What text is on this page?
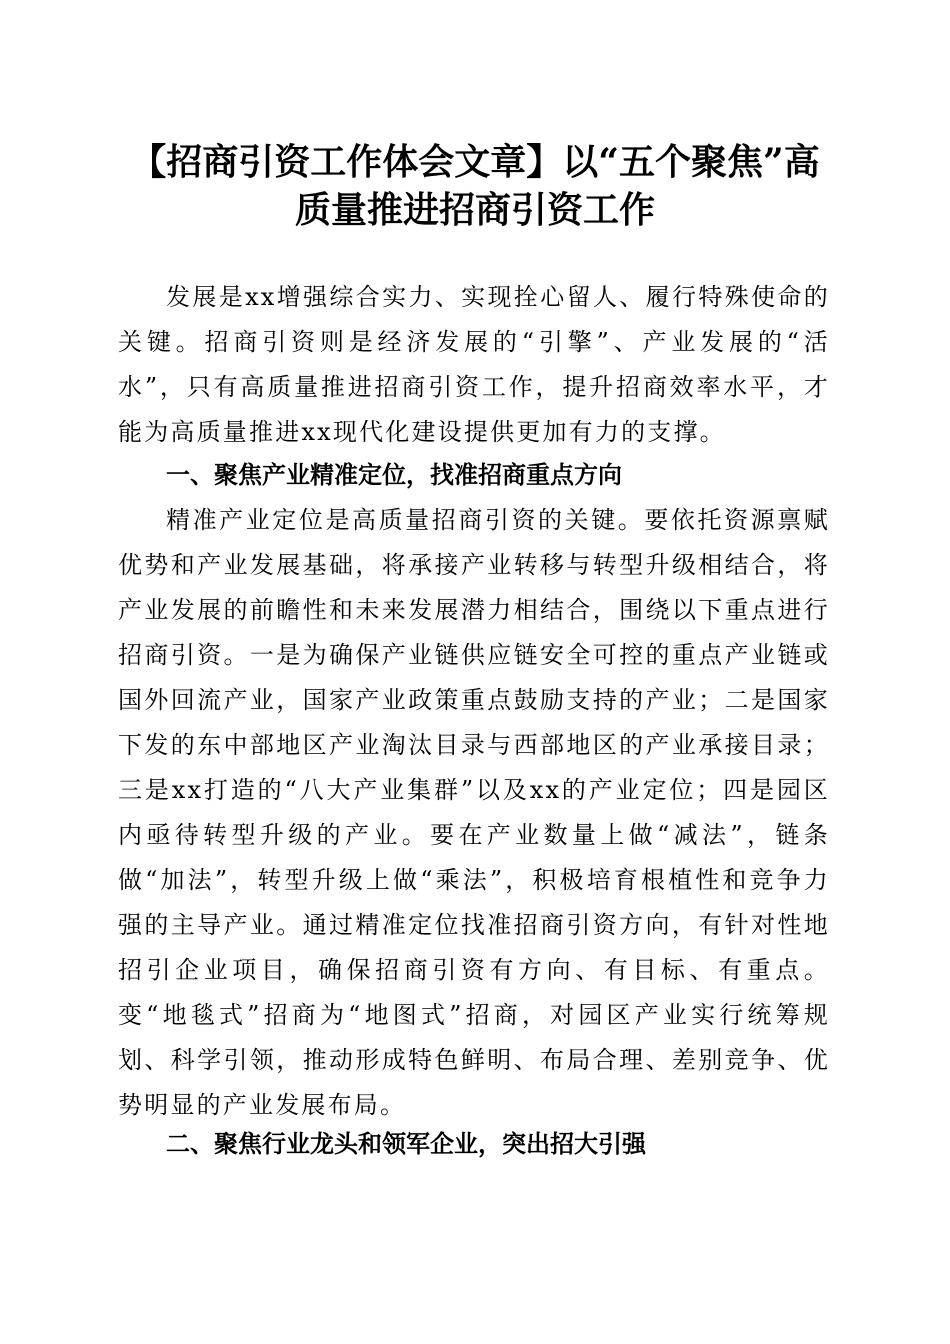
【招商引资工作体会文章】以“五个聚焦”高
质量推进招商引资工作

发展是xx增强综合实力、实现拴心留人、履行特殊使命的关键。招商引资则是经济发展的“引擎”、产业发展的“活水”，只有高质量推进招商引资工作，提升招商效率水平，才能为高质量推进xx现代化建设提供更加有力的支撑。

一、聚焦产业精准定位，找准招商重点方向

精准产业定位是高质量招商引资的关键。要依托资源禀赋优势和产业发展基础，将承接产业转移与转型升级相结合，将产业发展的前瞻性和未来发展潜力相结合，围绕以下重点进行招商引资。一是为确保产业链供应链安全可控的重点产业链或国外回流产业，国家产业政策重点鼓励支持的产业；二是国家下发的东中部地区产业淘汰目录与西部地区的产业承接目录；三是xx打造的“八大产业集群”以及xx的产业定位；四是园区内亟待转型升级的产业。要在产业数量上做“减法”，链条做“加法”，转型升级上做“乘法”，积极培育根植性和竞争力强的主导产业。通过精准定位找准招商引资方向，有针对性地招引企业项目，确保招商引资有方向、有目标、有重点。变“地毯式”招商为“地图式”招商，对园区产业实行统筹规划、科学引领，推动形成特色鲜明、布局合理、差别竞争、优势明显的产业发展布局。

二、聚焦行业龙头和领军企业，突出招大引强
